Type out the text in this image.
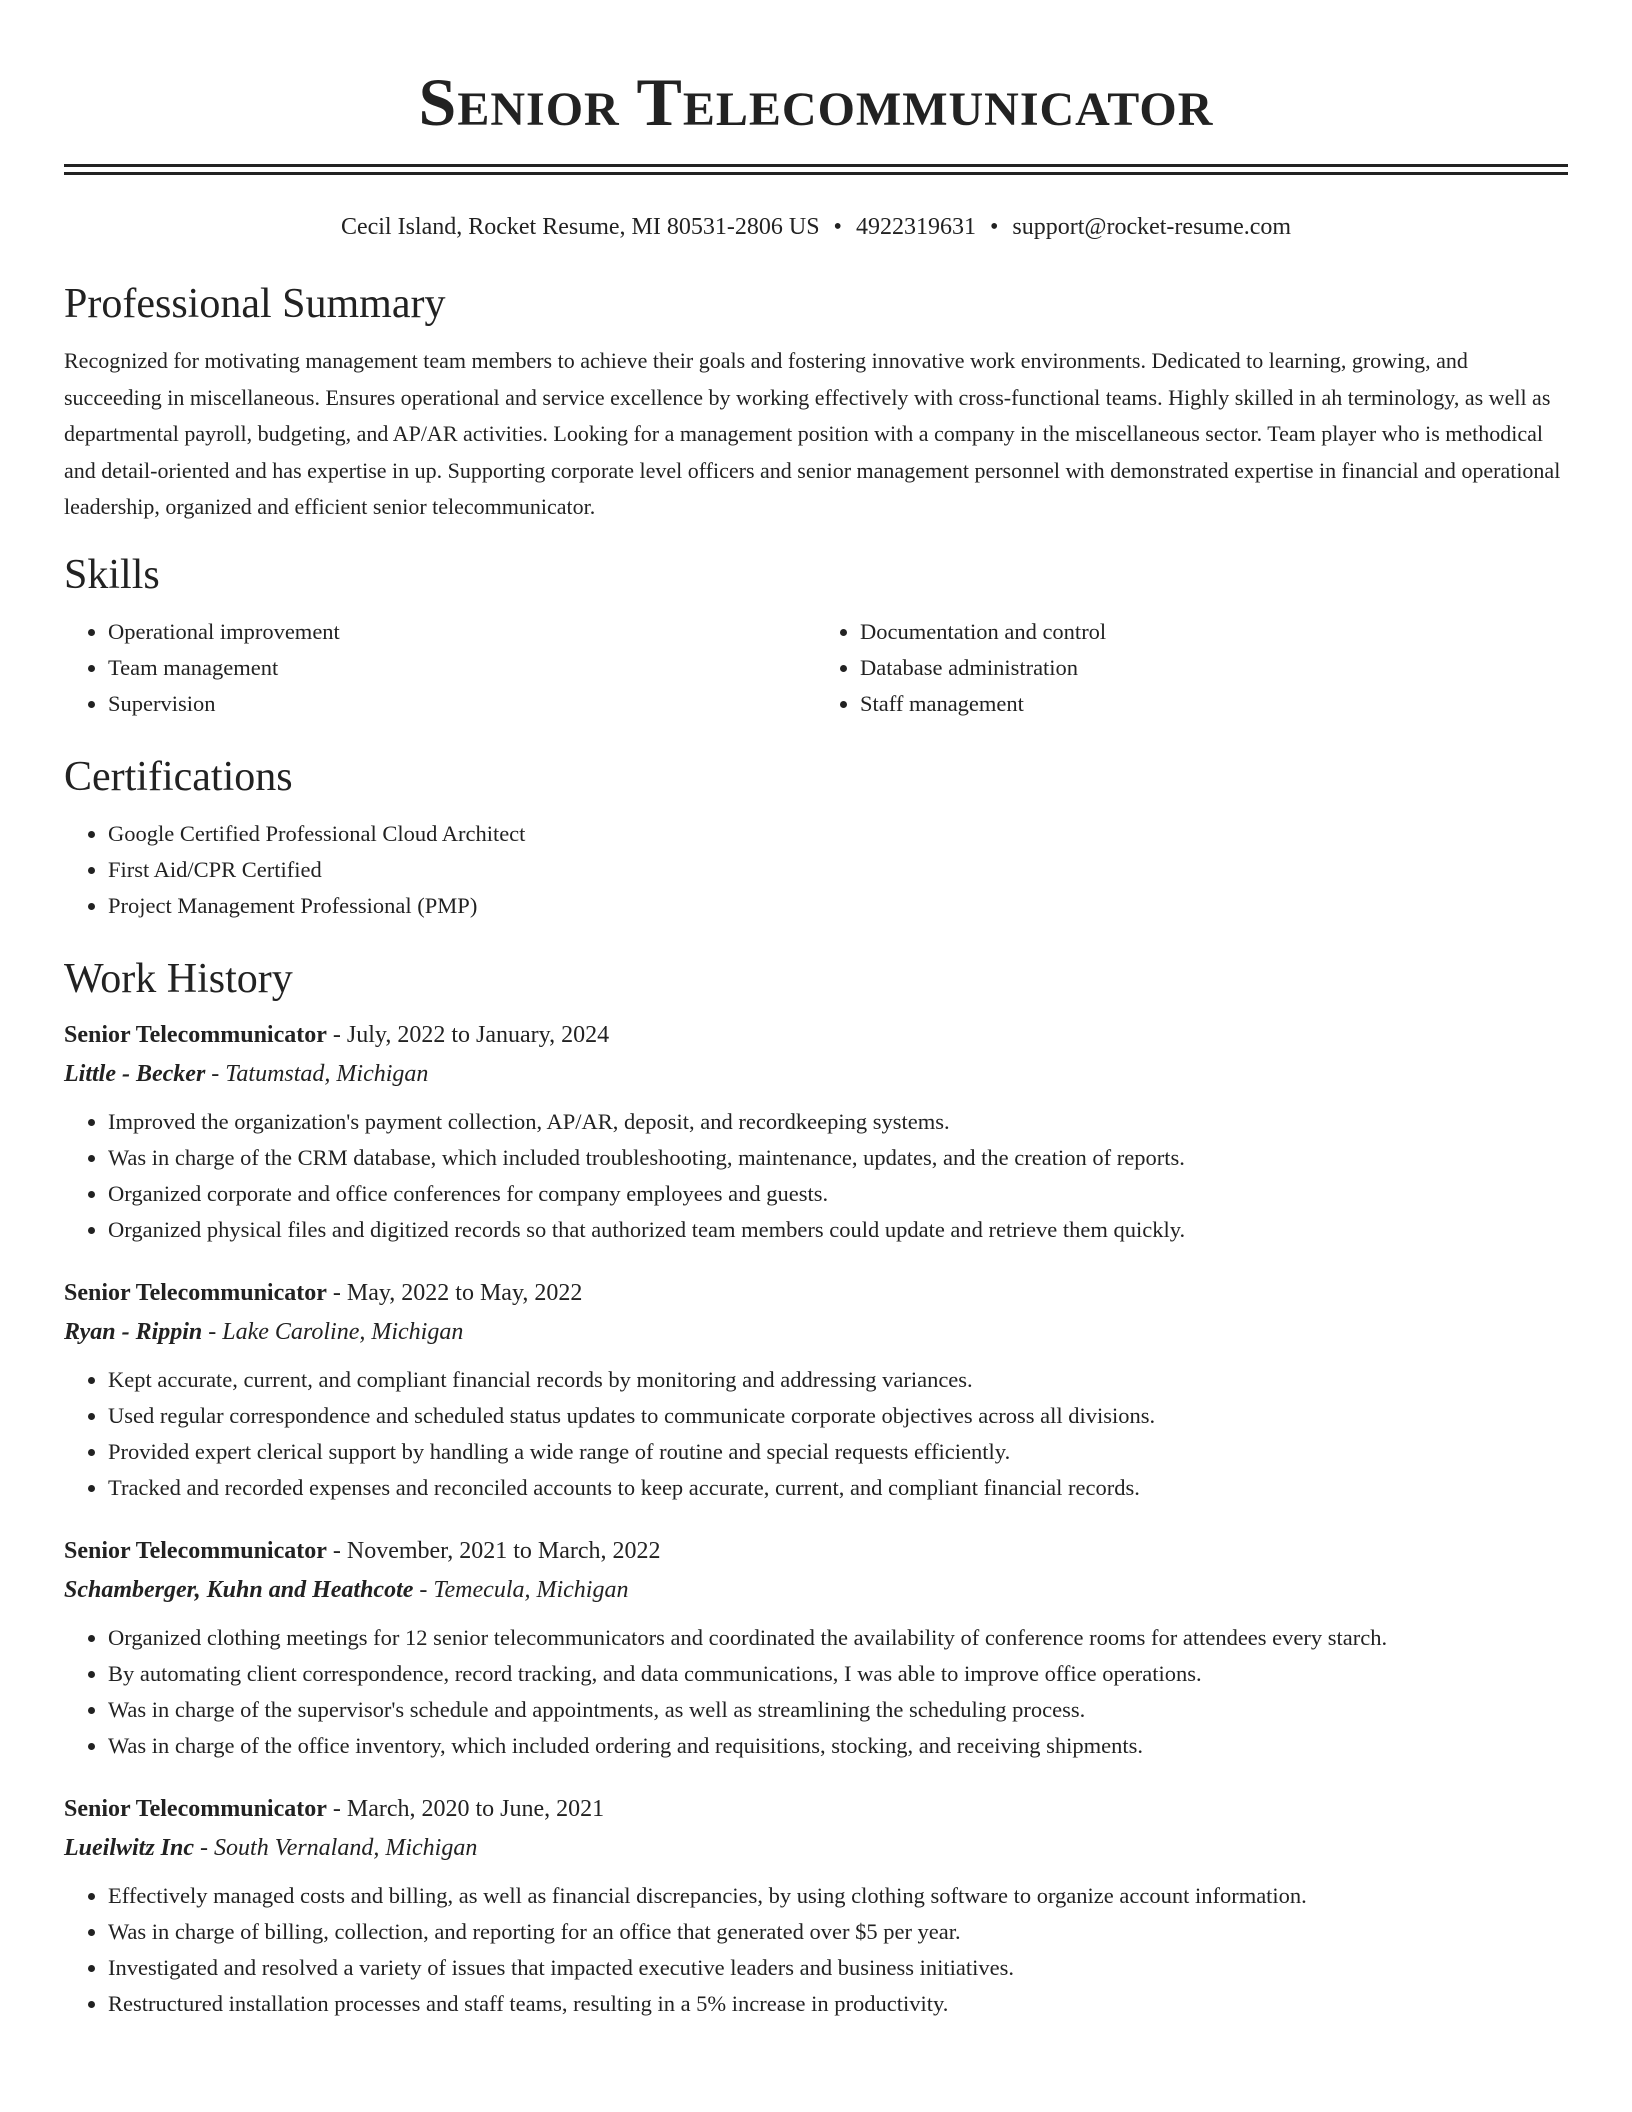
Senior Telecommunicator
Cecil Island, Rocket Resume, MI 80531-2806 US • 4922319631 • support@rocket-resume.com
Professional Summary

Recognized for motivating management team members to achieve their goals and fostering innovative work environments. Dedicated to learning, growing, and succeeding in miscellaneous. Ensures operational and service excellence by working effectively with cross-functional teams. Highly skilled in ah terminology, as well as departmental payroll, budgeting, and AP/AR activities. Looking for a management position with a company in the miscellaneous sector. Team player who is methodical and detail-oriented and has expertise in up. Supporting corporate level officers and senior management personnel with demonstrated expertise in financial and operational leadership, organized and efficient senior telecommunicator.

Skills
• Operational improvement
• Team management
• Supervision
• Documentation and control
• Database administration
• Staff management
Certifications
• Google Certified Professional Cloud Architect
• First Aid/CPR Certified
• Project Management Professional (PMP)
Work History

Senior Telecommunicator - July, 2022 to January, 2024

Little - Becker - Tatumstad, Michigan

• Improved the organization's payment collection, AP/AR, deposit, and recordkeeping systems.
• Was in charge of the CRM database, which included troubleshooting, maintenance, updates, and the creation of reports.
• Organized corporate and office conferences for company employees and guests.
• Organized physical files and digitized records so that authorized team members could update and retrieve them quickly.

Senior Telecommunicator - May, 2022 to May, 2022

Ryan - Rippin - Lake Caroline, Michigan

• Kept accurate, current, and compliant financial records by monitoring and addressing variances.
• Used regular correspondence and scheduled status updates to communicate corporate objectives across all divisions.
• Provided expert clerical support by handling a wide range of routine and special requests efficiently.
• Tracked and recorded expenses and reconciled accounts to keep accurate, current, and compliant financial records.

Senior Telecommunicator - November, 2021 to March, 2022

Schamberger, Kuhn and Heathcote - Temecula, Michigan

• Organized clothing meetings for 12 senior telecommunicators and coordinated the availability of conference rooms for attendees every starch.
• By automating client correspondence, record tracking, and data communications, I was able to improve office operations.
• Was in charge of the supervisor's schedule and appointments, as well as streamlining the scheduling process.
• Was in charge of the office inventory, which included ordering and requisitions, stocking, and receiving shipments.

Senior Telecommunicator - March, 2020 to June, 2021

Lueilwitz Inc - South Vernaland, Michigan

• Effectively managed costs and billing, as well as financial discrepancies, by using clothing software to organize account information.
• Was in charge of billing, collection, and reporting for an office that generated over $5 per year.
• Investigated and resolved a variety of issues that impacted executive leaders and business initiatives.
• Restructured installation processes and staff teams, resulting in a 5% increase in productivity.
